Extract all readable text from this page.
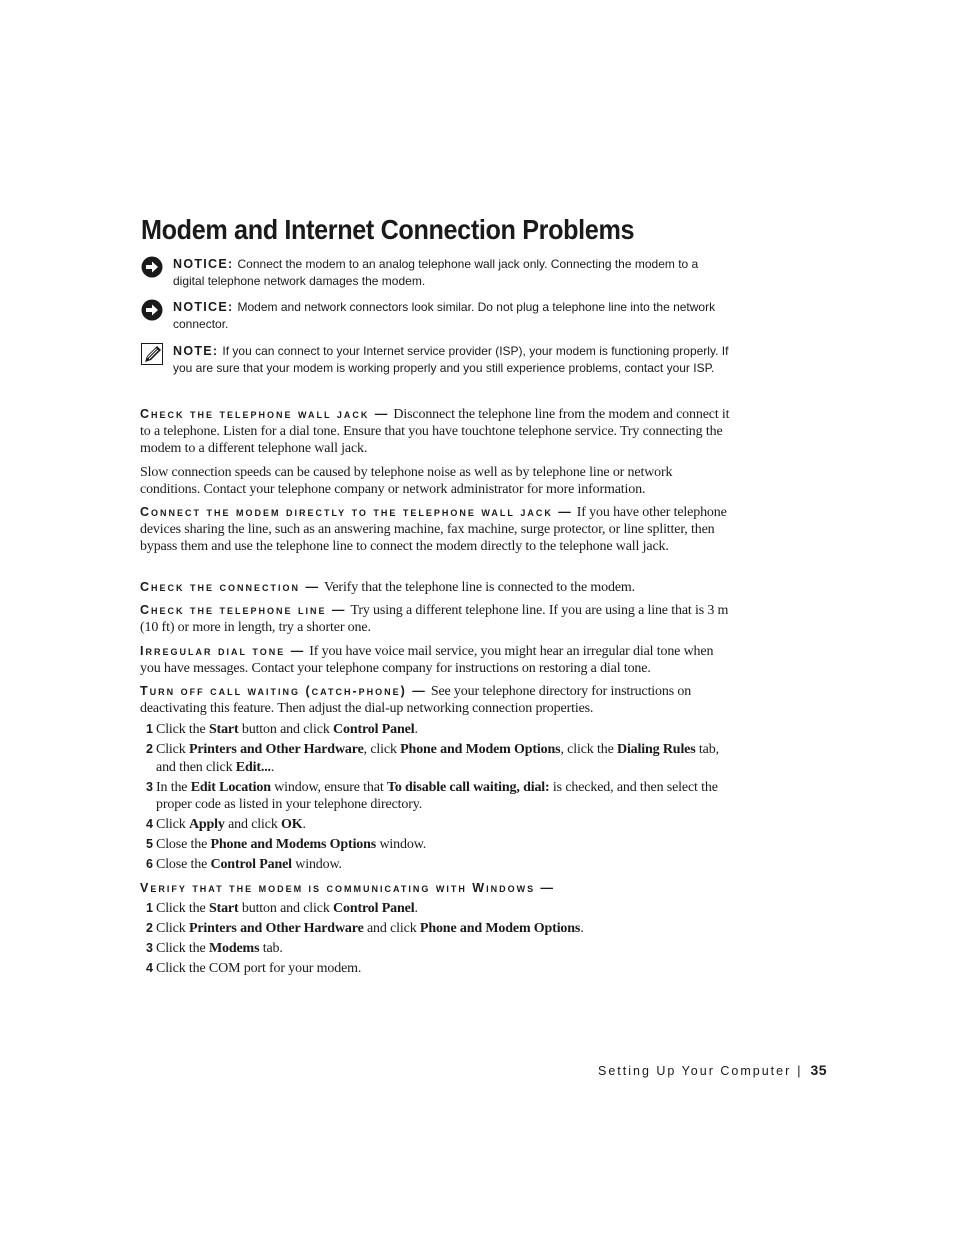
Modem and Internet Connection Problems
NOTICE: Connect the modem to an analog telephone wall jack only. Connecting the modem to a digital telephone network damages the modem.
NOTICE: Modem and network connectors look similar. Do not plug a telephone line into the network connector.
NOTE: If you can connect to your Internet service provider (ISP), your modem is functioning properly. If you are sure that your modem is working properly and you still experience problems, contact your ISP.

Check the telephone wall jack — Disconnect the telephone line from the modem and connect it to a telephone. Listen for a dial tone. Ensure that you have touchtone telephone service. Try connecting the modem to a different telephone wall jack.

Slow connection speeds can be caused by telephone noise as well as by telephone line or network conditions. Contact your telephone company or network administrator for more information.

Connect the modem directly to the telephone wall jack — If you have other telephone devices sharing the line, such as an answering machine, fax machine, surge protector, or line splitter, then bypass them and use the telephone line to connect the modem directly to the telephone wall jack.

Check the connection — Verify that the telephone line is connected to the modem.

Check the telephone line — Try using a different telephone line. If you are using a line that is 3 m (10 ft) or more in length, try a shorter one.

Irregular dial tone — If you have voice mail service, you might hear an irregular dial tone when you have messages. Contact your telephone company for instructions on restoring a dial tone.

Turn off call waiting (catch-phone) — See your telephone directory for instructions on deactivating this feature. Then adjust the dial-up networking connection properties.

1 Click the Start button and click Control Panel.
2 Click Printers and Other Hardware, click Phone and Modem Options, click the Dialing Rules tab, and then click Edit....
3 In the Edit Location window, ensure that To disable call waiting, dial: is checked, and then select the proper code as listed in your telephone directory.
4 Click Apply and click OK.
5 Close the Phone and Modems Options window.
6 Close the Control Panel window.

Verify that the modem is communicating with Windows —

1 Click the Start button and click Control Panel.
2 Click Printers and Other Hardware and click Phone and Modem Options.
3 Click the Modems tab.
4 Click the COM port for your modem.
Setting Up Your Computer | 35
